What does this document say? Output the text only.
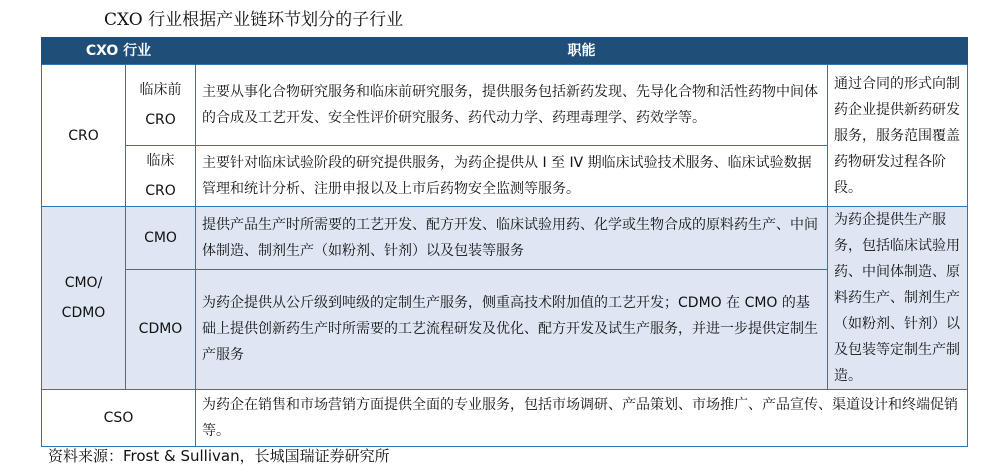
CXO 行业根据产业链环节划分的子行业
CXO 行业		职能	
CRO	临床前 CRO	主要从事化合物研究服务和临床前研究服务，提供服务包括新药发现、先导化合物和活性药物中间体的合成及工艺开发、安全性评价研究服务、药代动力学、药理毒理学、药效学等。	通过合同的形式向制药企业提供新药研发服务，服务范围覆盖药物研发过程各阶段。
	临床 CRO	主要针对临床试验阶段的研究提供服务，为药企提供从 I 至 IV 期临床试验技术服务、临床试验数据管理和统计分析、注册申报以及上市后药物安全监测等服务。	
CMO/ CDMO	CMO	提供产品生产时所需要的工艺开发、配方开发、临床试验用药、化学或生物合成的原料药生产、中间体制造、制剂生产（如粉剂、针剂）以及包装等服务	为药企提供生产服务，包括临床试验用药、中间体制造、原料药生产、制剂生产（如粉剂、针剂）以及包装等定制生产制造。
	CDMO	为药企提供从公斤级到吨级的定制生产服务，侧重高技术附加值的工艺开发；CDMO 在 CMO 的基础上提供创新药生产时所需要的工艺流程研发及优化、配方开发及试生产服务，并进一步提供定制生产服务	
CSO		为药企在销售和市场营销方面提供全面的专业服务，包括市场调研、产品策划、市场推广、产品宣传、渠道设计和终端促销等。	
资料来源：Frost & Sullivan，长城国瑞证券研究所
